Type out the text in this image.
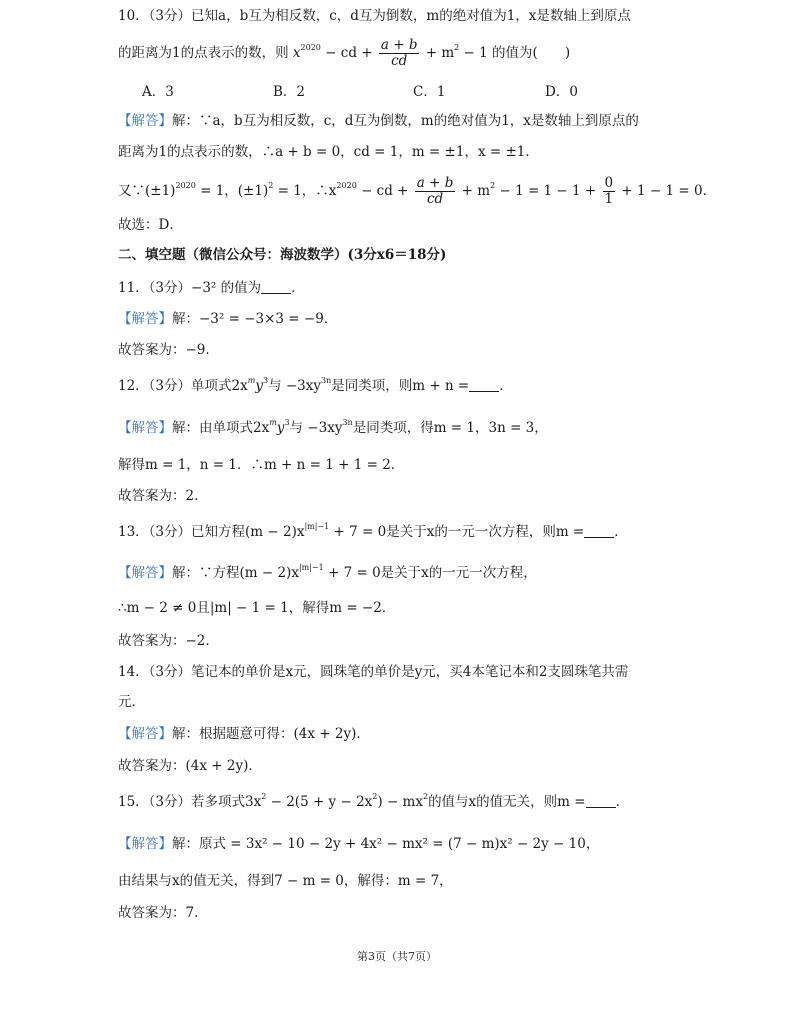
10．（3分）已知a，b互为相反数，c，d互为倒数，m的绝对值为1，x是数轴上到原点
的距离为1的点表示的数，则 $x^{2020}$ − cd + $\frac{a + b}{cd} + m^2 - 1$ 的值为(　　)
A．3	B．2	C．1	D．0
【解答】解：∵a，b互为相反数，c，d互为倒数，m的绝对值为1，x是数轴上到原点的
距离为1的点表示的数，∴a + b = 0，cd = 1，m = ±1，x = ±1．
又$\because(\pm 1)^{2020} = 1$，$(\pm 1)^2 = 1$，$\therefore x^{2020}$ − cd + $\frac{a + b}{cd} + m^2 - 1 = 1 - 1 + \frac{0}{1} + 1 - 1 = 0$．
故选：D．
二、填空题（微信公众号：海波数学）(3分x6＝18分)
11．（3分）−3² 的值为 ．
【解答】解：−3² = −3×3 = −9．
故答案为：−9．
12．（3分）单项式$2x^my^3$与 $-3xy^{3n}$是同类项，则m + n = ．
【解答】解：由单项式$2x^my^3$与 $-3xy^{3n}$是同类项，得m = 1，3n = 3，
解得m = 1，n = 1．∴m + n = 1 + 1 = 2．
故答案为：2.
13．（3分）已知方程$(m - 2)x^{|m|-1} + 7 = 0$是关于x的一元一次方程，则m = ．
【解答】解：∵方程$(m - 2)x^{|m|-1} + 7 = 0$是关于x的一元一次方程，
∴m − 2 ≠ 0且|m| − 1 = 1，解得m = −2．
故答案为：−2．
14．（3分）笔记本的单价是x元，圆珠笔的单价是y元，买4本笔记本和2支圆珠笔共需
元．
【解答】解：根据题意可得：(4x + 2y)．
故答案为：(4x + 2y)．
15．（3分）若多项式$3x^2 - 2(5 + y - 2x^2) - mx^2$的值与x的值无关，则m = ．
【解答】解：原式 = 3x² − 10 − 2y + 4x² − mx² = (7 − m)x² − 2y − 10，
由结果与x的值无关，得到7 − m = 0，解得：m = 7，
故答案为：7.
第3页（共7页）
